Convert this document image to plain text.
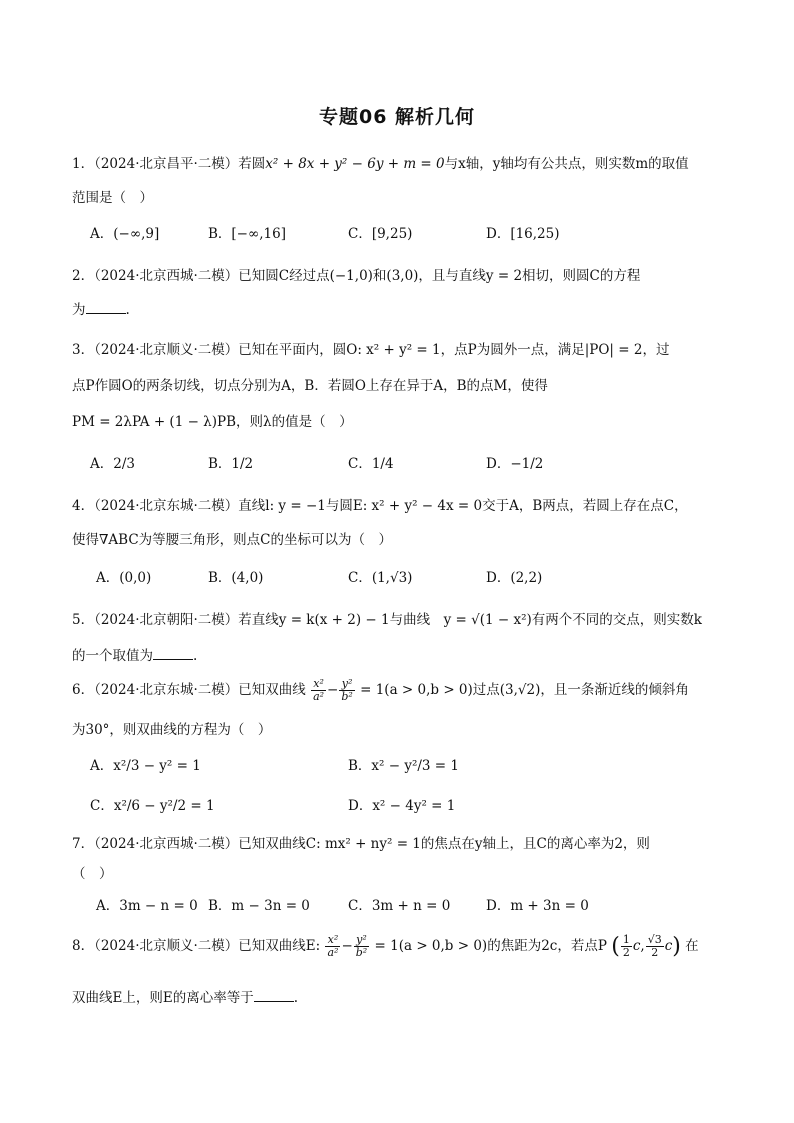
专题06 解析几何
1．（2024·北京昌平·二模）若圆x² + 8x + y² − 6y + m = 0与x轴，y轴均有公共点，则实数m的取值
范围是（　）
A．(−∞,9]	B．[−∞,16]	C．[9,25)	D．[16,25)
2．（2024·北京西城·二模）已知圆C经过点(−1,0)和(3,0)，且与直线y = 2相切，则圆C的方程
为	.
3．（2024·北京顺义·二模）已知在平面内，圆O: x² + y² = 1，点P为圆外一点，满足|PO| = 2，过
点P作圆O的两条切线，切点分别为A，B．若圆O上存在异于A，B的点M，使得
PM = 2λPA + (1 − λ)PB，则λ的值是（　）
A．2/3	B．1/2	C．1/4	D．−1/2
4．（2024·北京东城·二模）直线l: y = −1与圆E: x² + y² − 4x = 0交于A，B两点，若圆上存在点C，
使得∇ABC为等腰三角形，则点C的坐标可以为（　）
A．(0,0)	B．(4,0)	C．(1,√3)	D．(2,2)
5．（2024·北京朝阳·二模）若直线y = k(x + 2) − 1与曲线　y = √(1 − x²)有两个不同的交点，则实数k
的一个取值为	.
6．（2024·北京东城·二模）已知双曲线 $\frac{\text{x²}}{\text{a²}} - \frac{\text{y²}}{\text{b²}} = 1(a > 0,b > 0)$过点(3,√2)，且一条渐近线的倾斜角
为30°，则双曲线的方程为（　）
A．x²/3 − y² = 1	B．x² − y²/3 = 1
C．x²/6 − y²/2 = 1	D．x² − 4y² = 1
7．（2024·北京西城·二模）已知双曲线C: mx² + ny² = 1的焦点在y轴上，且C的离心率为2，则
（　）
A．3m − n = 0 B．m − 3n = 0	C．3m + n = 0	D．m + 3n = 0
8．（2024·北京顺义·二模）已知双曲线E: $\frac{\text{x²}}{\text{a²}} - \frac{\text{y²}}{\text{b²}} = 1(a > 0,b > 0)$的焦距为2c，若点P ( $\frac{1}{2} c$, $\frac{√3}{2} c$) 在
双曲线E上，则E的离心率等于	.
